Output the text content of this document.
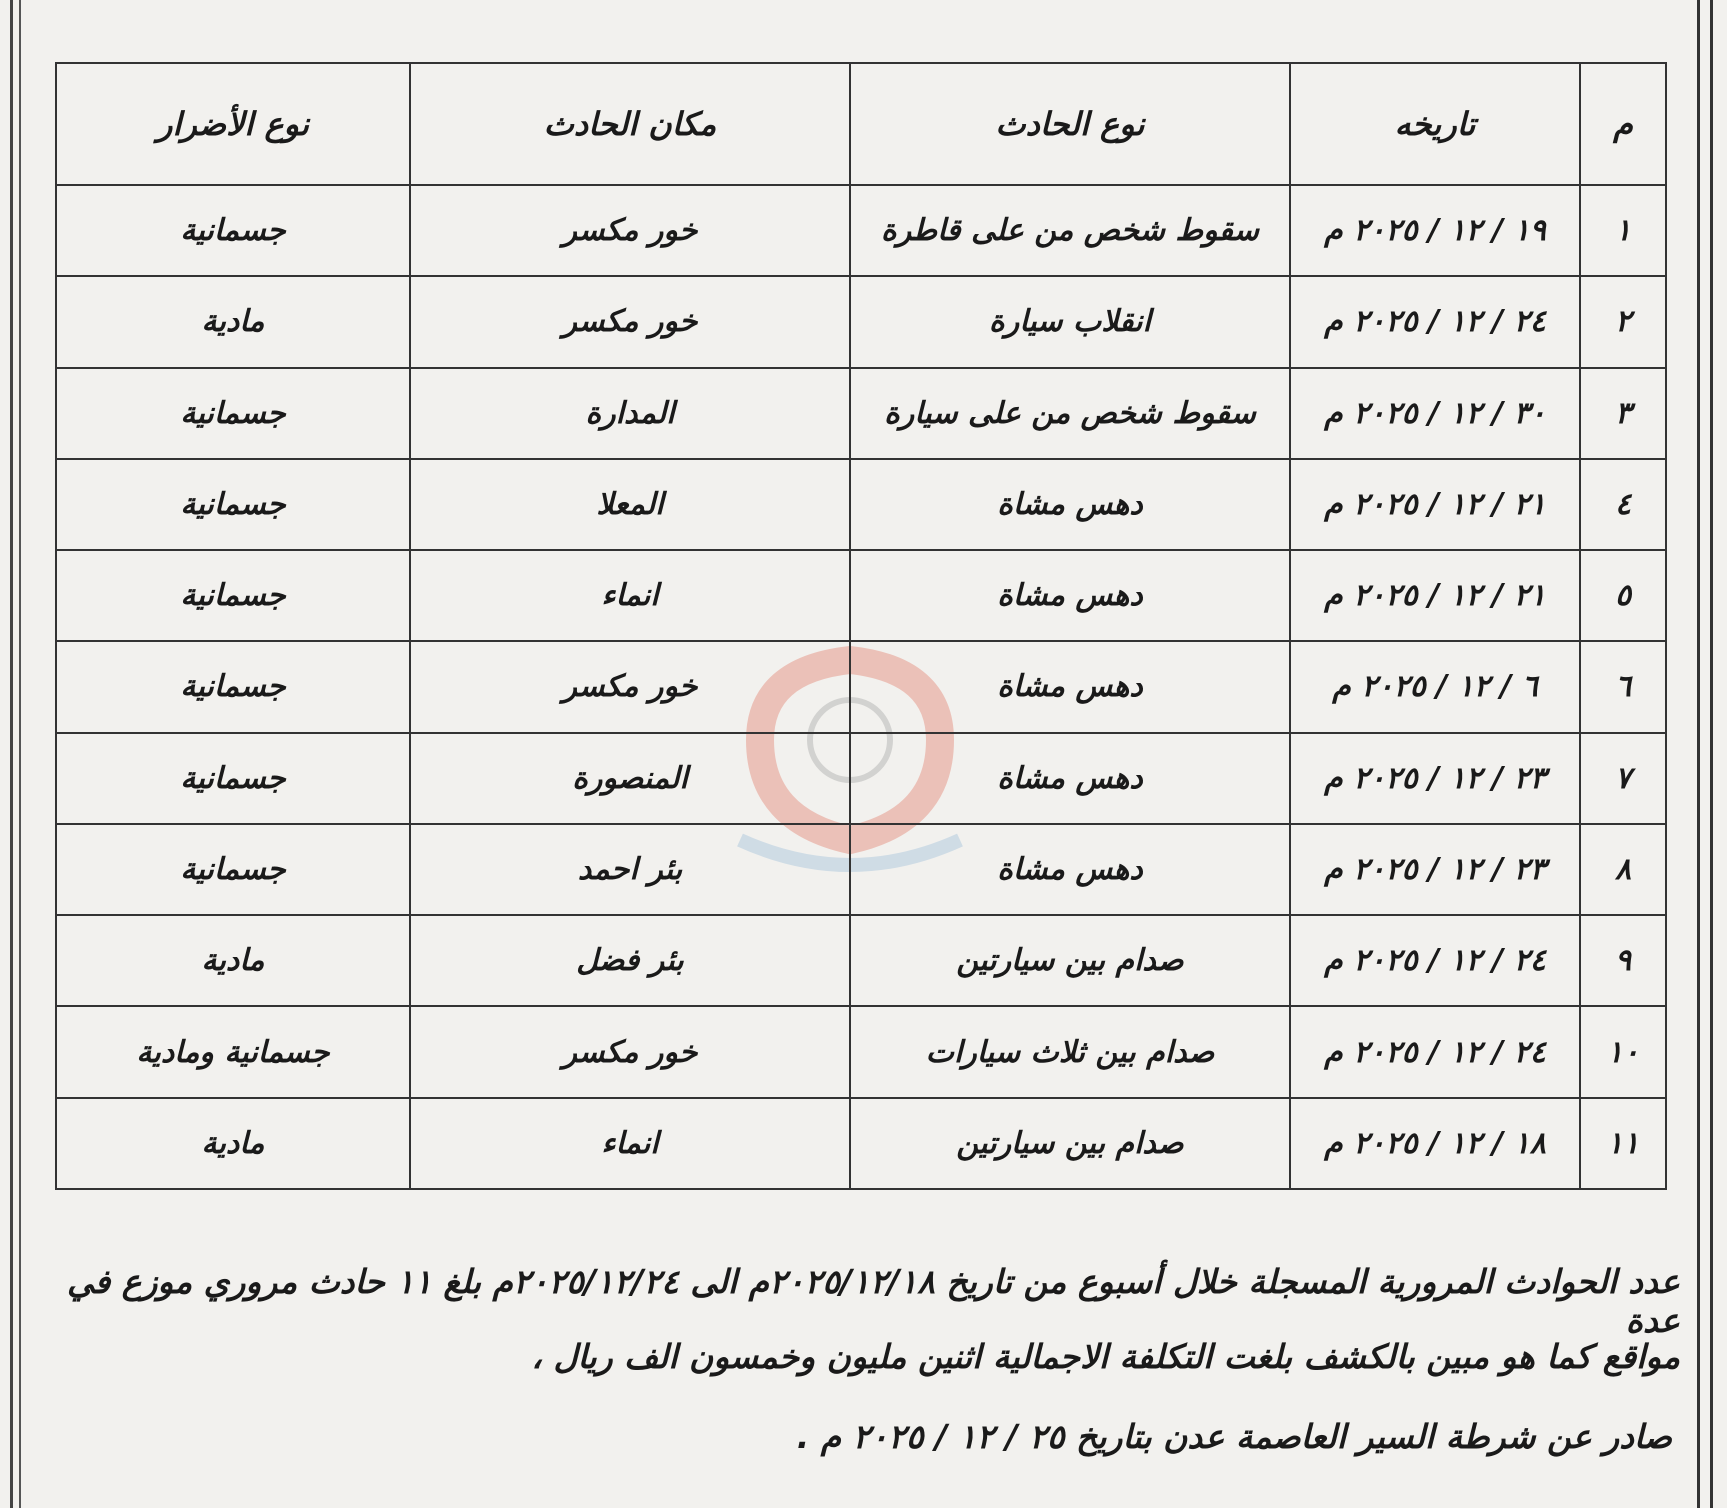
م	تاريخه	نوع الحادث	مكان الحادث	نوع الأضرار
١	١٩ / ١٢ / ٢٠٢٥ م	سقوط شخص من على قاطرة	خور مكسر	جسمانية
٢	٢٤ / ١٢ / ٢٠٢٥ م	انقلاب سيارة	خور مكسر	مادية
٣	٣٠ / ١٢ / ٢٠٢٥ م	سقوط شخص من على سيارة	المدارة	جسمانية
٤	٢١ / ١٢ / ٢٠٢٥ م	دهس مشاة	المعلا	جسمانية
٥	٢١ / ١٢ / ٢٠٢٥ م	دهس مشاة	انماء	جسمانية
٦	٦ / ١٢ / ٢٠٢٥ م	دهس مشاة	خور مكسر	جسمانية
٧	٢٣ / ١٢ / ٢٠٢٥ م	دهس مشاة	المنصورة	جسمانية
٨	٢٣ / ١٢ / ٢٠٢٥ م	دهس مشاة	بئر احمد	جسمانية
٩	٢٤ / ١٢ / ٢٠٢٥ م	صدام بين سيارتين	بئر فضل	مادية
١٠	٢٤ / ١٢ / ٢٠٢٥ م	صدام بين ثلاث سيارات	خور مكسر	جسمانية ومادية
١١	١٨ / ١٢ / ٢٠٢٥ م	صدام بين سيارتين	انماء	مادية
عدد الحوادث المرورية المسجلة خلال أسبوع من تاريخ ٢٠٢٥/١٢/١٨م الى ٢٠٢٥/١٢/٢٤م بلغ ١١ حادث مروري موزع في عدة
مواقع كما هو مبين بالكشف بلغت التكلفة الاجمالية اثنين مليون وخمسون الف ريال ،
صادر عن شرطة السير العاصمة عدن بتاريخ ٢٥ / ١٢ / ٢٠٢٥ م .
